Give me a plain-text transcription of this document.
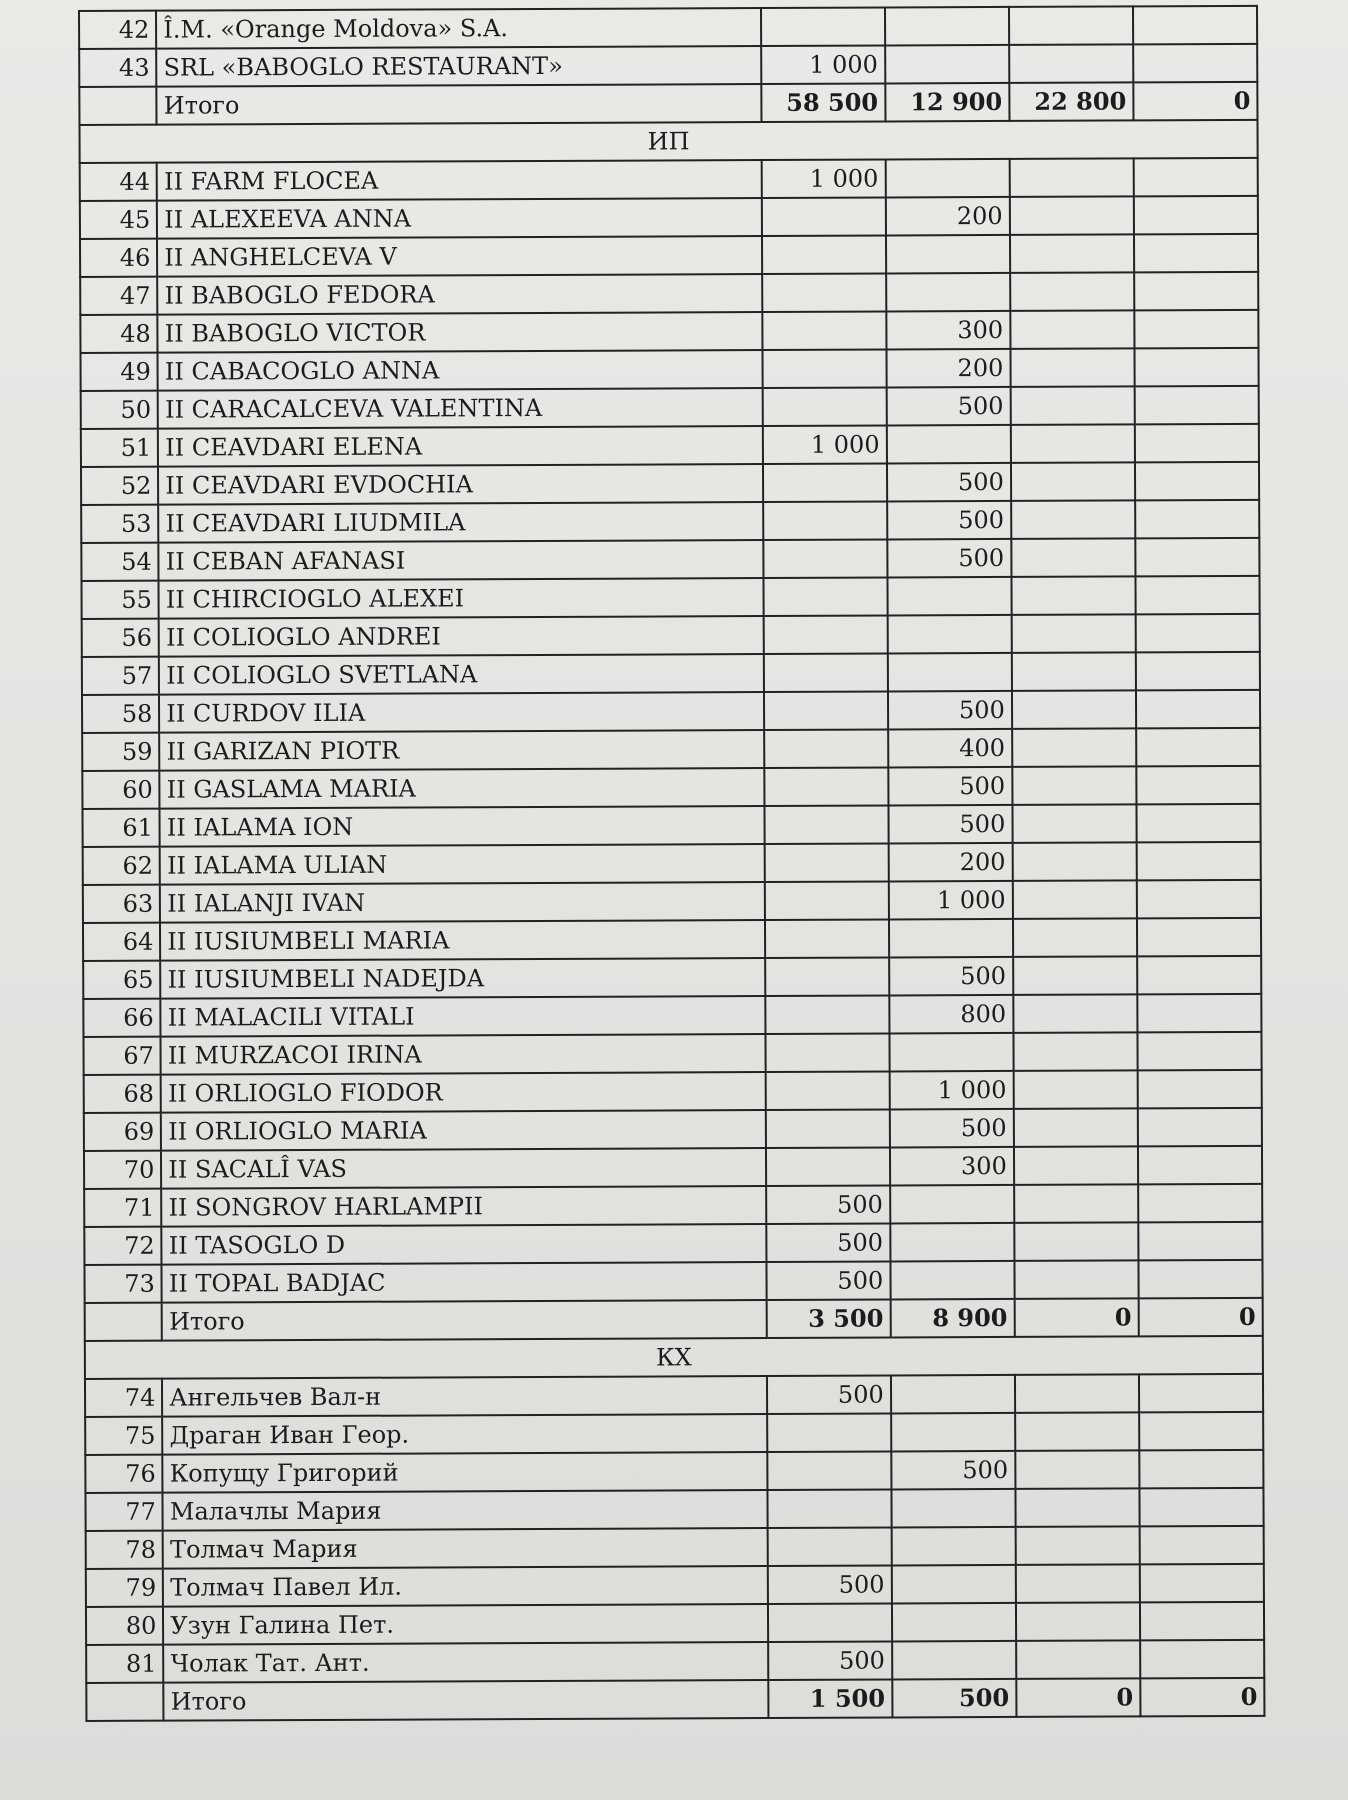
42	Î.M. «Orange Moldova» S.A.				
43	SRL «BABOGLO RESTAURANT»	1 000			
	Итого	58 500	12 900	22 800	0
ИП					
44	II FARM FLOCEA	1 000			
45	II ALEXEEVA ANNA		200		
46	II ANGHELCEVA V				
47	II BABOGLO FEDORA				
48	II BABOGLO VICTOR		300		
49	II CABACOGLO ANNA		200		
50	II CARACALCEVA VALENTINA		500		
51	II CEAVDARI ELENA	1 000			
52	II CEAVDARI EVDOCHIA		500		
53	II CEAVDARI LIUDMILA		500		
54	II CEBAN AFANASI		500		
55	II CHIRCIOGLO ALEXEI				
56	II COLIOGLO ANDREI				
57	II COLIOGLO SVETLANA				
58	II CURDOV ILIA		500		
59	II GARIZAN PIOTR		400		
60	II GASLAMA MARIA		500		
61	II IALAMA ION		500		
62	II IALAMA ULIAN		200		
63	II IALANJI IVAN		1 000		
64	II IUSIUMBELI MARIA				
65	II IUSIUMBELI NADEJDA		500		
66	II MALACILI VITALI		800		
67	II MURZACOI IRINA				
68	II ORLIOGLO FIODOR		1 000		
69	II ORLIOGLO MARIA		500		
70	II SACALÎ VAS		300		
71	II SONGROV HARLAMPII	500			
72	II TASOGLO D	500			
73	II TOPAL BADJAC	500			
	Итого	3 500	8 900	0	0
КХ					
74	Ангельчев Вал-н	500			
75	Драган Иван Геор.				
76	Копущу Григорий		500		
77	Малачлы Мария				
78	Толмач Мария				
79	Толмач Павел Ил.	500			
80	Узун Галина Пет.				
81	Чолак Тат. Ант.	500			
	Итого	1 500	500	0	0
